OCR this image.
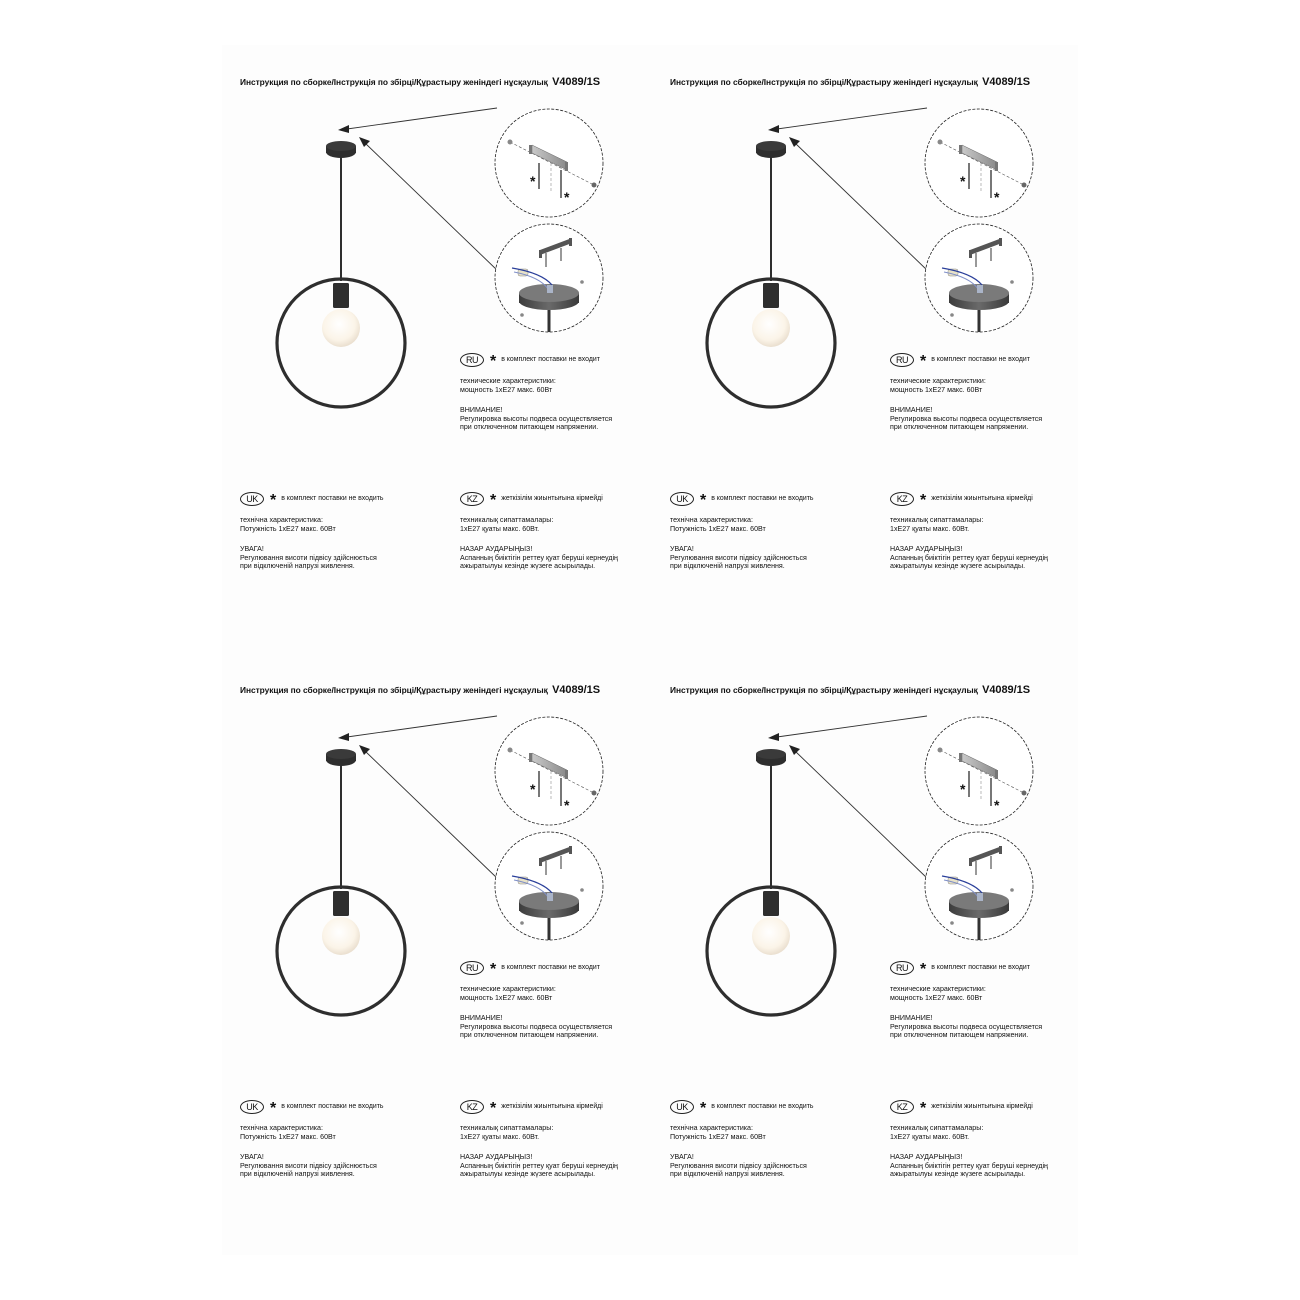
Инструкция по сборке/Інструкція по збірці/Құрастыру женіндегі нұсқаулық V4089/1S
*
*
RU * в комплект поставки не входит
технические характеристики:
мощность 1xE27 макс. 60Вт
ВНИМАНИЕ!
Регулировка высоты подвеса осуществляется
при отключенном питающем напряжении.
UK * в комплект поставки не входить
технічна характеристика:
Потужність 1xE27 макс. 60Вт
УВАГА!
Регулювання висоти підвісу здійснюється
при відключеній напрузі живлення.
KZ * жеткізілім жиынтығына кірмейді
техникалық сипаттамалары:
1xE27 қуаты макс. 60Вт.
НАЗАР АУДАРЫҢЫЗ!
Аспанның биіктігін реттеу қуат беруші кернеудің
ажыратылуы кезінде жүзеге асырылады.
Инструкция по сборке/Інструкція по збірці/Құрастыру женіндегі нұсқаулық V4089/1S
*
*
RU * в комплект поставки не входит
технические характеристики:
мощность 1xE27 макс. 60Вт
ВНИМАНИЕ!
Регулировка высоты подвеса осуществляется
при отключенном питающем напряжении.
UK * в комплект поставки не входить
технічна характеристика:
Потужність 1xE27 макс. 60Вт
УВАГА!
Регулювання висоти підвісу здійснюється
при відключеній напрузі живлення.
KZ * жеткізілім жиынтығына кірмейді
техникалық сипаттамалары:
1xE27 қуаты макс. 60Вт.
НАЗАР АУДАРЫҢЫЗ!
Аспанның биіктігін реттеу қуат беруші кернеудің
ажыратылуы кезінде жүзеге асырылады.
Инструкция по сборке/Інструкція по збірці/Құрастыру женіндегі нұсқаулық V4089/1S
*
*
RU * в комплект поставки не входит
технические характеристики:
мощность 1xE27 макс. 60Вт
ВНИМАНИЕ!
Регулировка высоты подвеса осуществляется
при отключенном питающем напряжении.
UK * в комплект поставки не входить
технічна характеристика:
Потужність 1xE27 макс. 60Вт
УВАГА!
Регулювання висоти підвісу здійснюється
при відключеній напрузі живлення.
KZ * жеткізілім жиынтығына кірмейді
техникалық сипаттамалары:
1xE27 қуаты макс. 60Вт.
НАЗАР АУДАРЫҢЫЗ!
Аспанның биіктігін реттеу қуат беруші кернеудің
ажыратылуы кезінде жүзеге асырылады.
Инструкция по сборке/Інструкція по збірці/Құрастыру женіндегі нұсқаулық V4089/1S
*
*
RU * в комплект поставки не входит
технические характеристики:
мощность 1xE27 макс. 60Вт
ВНИМАНИЕ!
Регулировка высоты подвеса осуществляется
при отключенном питающем напряжении.
UK * в комплект поставки не входить
технічна характеристика:
Потужність 1xE27 макс. 60Вт
УВАГА!
Регулювання висоти підвісу здійснюється
при відключеній напрузі живлення.
KZ * жеткізілім жиынтығына кірмейді
техникалық сипаттамалары:
1xE27 қуаты макс. 60Вт.
НАЗАР АУДАРЫҢЫЗ!
Аспанның биіктігін реттеу қуат беруші кернеудің
ажыратылуы кезінде жүзеге асырылады.
